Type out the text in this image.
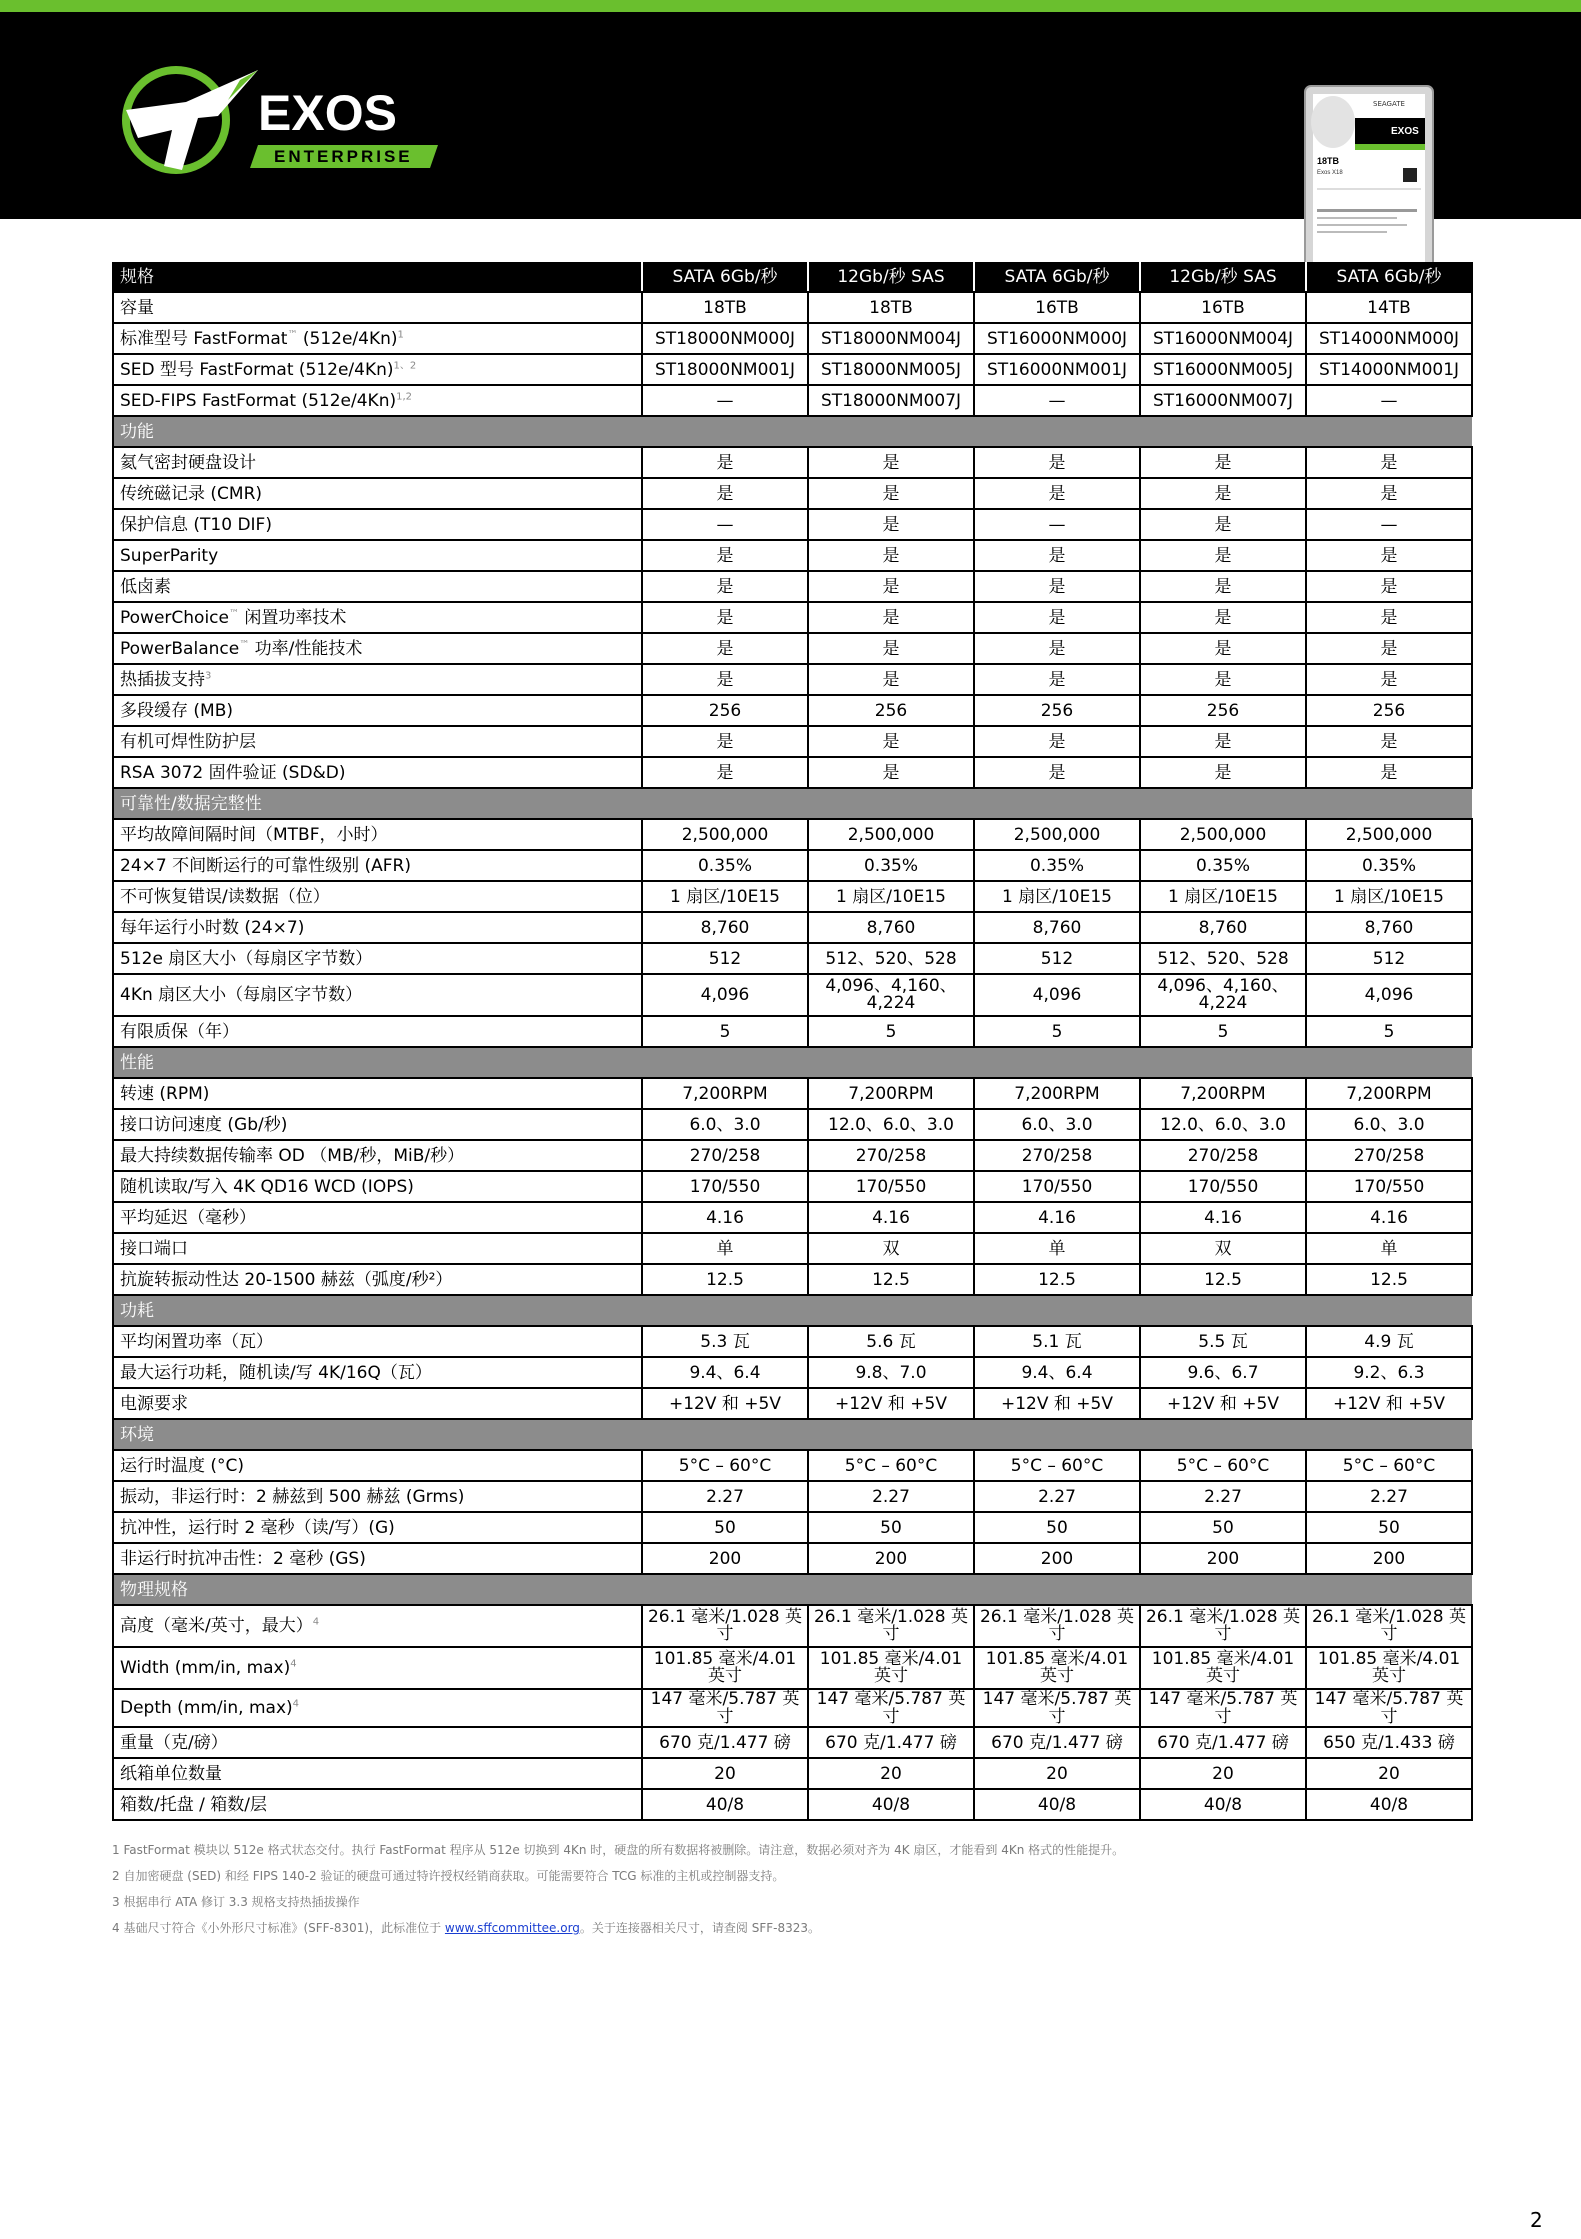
EXOS
ENTERPRISE
SEAGATE
EXOS
18TB
Exos X18
规格	SATA 6Gb/秒	12Gb/秒 SAS	SATA 6Gb/秒	12Gb/秒 SAS	SATA 6Gb/秒
容量	18TB	18TB	16TB	16TB	14TB
标准型号 FastFormat™ $(512e/4Kn)^1$	ST18000NM000J	ST18000NM004J	ST16000NM000J	ST16000NM004J	ST14000NM000J
SED 型号 FastFormat $(512e/4Kn)^{1、2}$	ST18000NM001J	ST18000NM005J	ST16000NM001J	ST16000NM005J	ST14000NM001J
SED-FIPS FastFormat $(512e/4Kn)^{1,2}$	—	ST18000NM007J	—	ST16000NM007J	—
功能					
氦气密封硬盘设计	是	是	是	是	是
传统磁记录 (CMR)	是	是	是	是	是
保护信息 (T10 DIF)	—	是	—	是	—
SuperParity	是	是	是	是	是
低卤素	是	是	是	是	是
PowerChoice™ 闲置功率技术	是	是	是	是	是
PowerBalance™ 功率/性能技术	是	是	是	是	是
热插拔支持$^3$	是	是	是	是	是
多段缓存 (MB)	256	256	256	256	256
有机可焊性防护层	是	是	是	是	是
RSA 3072 固件验证 (SD&D)	是	是	是	是	是
可靠性/数据完整性					
平均故障间隔时间（MTBF，小时）	2,500,000	2,500,000	2,500,000	2,500,000	2,500,000
24×7 不间断运行的可靠性级别 (AFR)	0.35%	0.35%	0.35%	0.35%	0.35%
不可恢复错误/读数据（位）	1 扇区/10E15	1 扇区/10E15	1 扇区/10E15	1 扇区/10E15	1 扇区/10E15
每年运行小时数 (24×7)	8,760	8,760	8,760	8,760	8,760
512e 扇区大小（每扇区字节数）	512	512、520、528	512	512、520、528	512
4Kn 扇区大小（每扇区字节数）	4,096	4,096、4,160、4,224	4,096	4,096、4,160、4,224	4,096
有限质保（年）	5	5	5	5	5
性能					
转速 (RPM)	7,200RPM	7,200RPM	7,200RPM	7,200RPM	7,200RPM
接口访问速度 (Gb/秒)	6.0、3.0	12.0、6.0、3.0	6.0、3.0	12.0、6.0、3.0	6.0、3.0
最大持续数据传输率 OD （MB/秒，MiB/秒）	270/258	270/258	270/258	270/258	270/258
随机读取/写入 4K QD16 WCD (IOPS)	170/550	170/550	170/550	170/550	170/550
平均延迟（毫秒）	4.16	4.16	4.16	4.16	4.16
接口端口	单	双	单	双	单
抗旋转振动性达 20-1500 赫兹（弧度/秒²）	12.5	12.5	12.5	12.5	12.5
功耗					
平均闲置功率（瓦）	5.3 瓦	5.6 瓦	5.1 瓦	5.5 瓦	4.9 瓦
最大运行功耗，随机读/写 4K/16Q（瓦）	9.4、6.4	9.8、7.0	9.4、6.4	9.6、6.7	9.2、6.3
电源要求	+12V 和 +5V	+12V 和 +5V	+12V 和 +5V	+12V 和 +5V	+12V 和 +5V
环境					
运行时温度 (°C)	5°C – 60°C	5°C – 60°C	5°C – 60°C	5°C – 60°C	5°C – 60°C
振动，非运行时：2 赫兹到 500 赫兹 (Grms)	2.27	2.27	2.27	2.27	2.27
抗冲性，运行时 2 毫秒（读/写）(G)	50	50	50	50	50
非运行时抗冲击性：2 毫秒 (GS)	200	200	200	200	200
物理规格					
高度（毫米/英寸，最大）$^4$	26.1 毫米/1.028 英寸	26.1 毫米/1.028 英寸	26.1 毫米/1.028 英寸	26.1 毫米/1.028 英寸	26.1 毫米/1.028 英寸
Width (mm/in, max)$^4$	101.85 毫米/4.01 英寸	101.85 毫米/4.01 英寸	101.85 毫米/4.01 英寸	101.85 毫米/4.01 英寸	101.85 毫米/4.01 英寸
Depth (mm/in, max)$^4$	147 毫米/5.787 英寸	147 毫米/5.787 英寸	147 毫米/5.787 英寸	147 毫米/5.787 英寸	147 毫米/5.787 英寸
重量（克/磅）	670 克/1.477 磅	670 克/1.477 磅	670 克/1.477 磅	670 克/1.477 磅	650 克/1.433 磅
纸箱单位数量	20	20	20	20	20
箱数/托盘 / 箱数/层	40/8	40/8	40/8	40/8	40/8
1 FastFormat 模块以 512e 格式状态交付。执行 FastFormat 程序从 512e 切换到 4Kn 时，硬盘的所有数据将被删除。请注意，数据必须对齐为 4K 扇区，才能看到 4Kn 格式的性能提升。
2 自加密硬盘 (SED) 和经 FIPS 140-2 验证的硬盘可通过特许授权经销商获取。可能需要符合 TCG 标准的主机或控制器支持。
3 根据串行 ATA 修订 3.3 规格支持热插拔操作
4 基础尺寸符合《小外形尺寸标准》(SFF-8301)，此标准位于 www.sffcommittee.org。关于连接器相关尺寸，请查阅 SFF-8323。
2
